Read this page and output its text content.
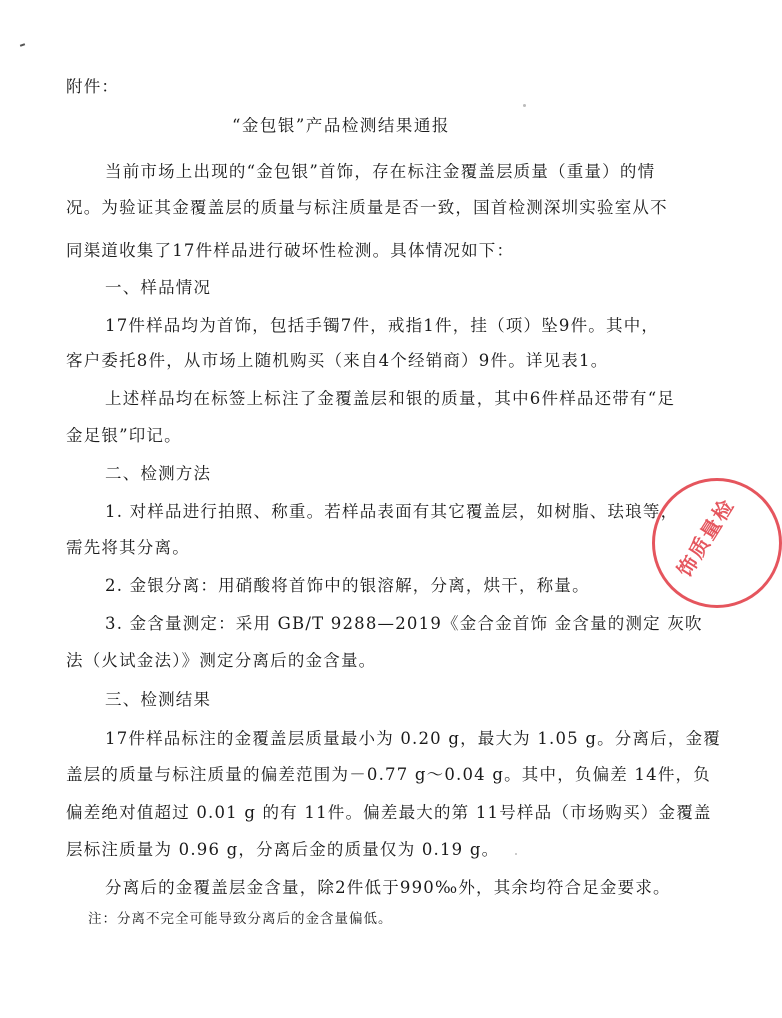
附件：
“金包银”产品检测结果通报
当前市场上出现的“金包银”首饰，存在标注金覆盖层质量（重量）的情
况。为验证其金覆盖层的质量与标注质量是否一致，国首检测深圳实验室从不
同渠道收集了17件样品进行破坏性检测。具体情况如下：
一、样品情况
17件样品均为首饰，包括手镯7件，戒指1件，挂（项）坠9件。其中，
客户委托8件，从市场上随机购买（来自4个经销商）9件。详见表1。
上述样品均在标签上标注了金覆盖层和银的质量，其中6件样品还带有“足
金足银”印记。
二、检测方法
1. 对样品进行拍照、称重。若样品表面有其它覆盖层，如树脂、珐琅等，
需先将其分离。
2. 金银分离：用硝酸将首饰中的银溶解，分离，烘干，称量。
3. 金含量测定：采用 GB/T 9288—2019《金合金首饰 金含量的测定 灰吹
法（火试金法）》测定分离后的金含量。
三、检测结果
17件样品标注的金覆盖层质量最小为 0.20 g，最大为 1.05 g。分离后，金覆
盖层的质量与标注质量的偏差范围为－0.77 g～0.04 g。其中，负偏差 14件，负
偏差绝对值超过 0.01 g 的有 11件。偏差最大的第 11号样品（市场购买）金覆盖
层标注质量为 0.96 g，分离后金的质量仅为 0.19 g。
分离后的金覆盖层金含量，除2件低于990‰外，其余均符合足金要求。
注：分离不完全可能导致分离后的金含量偏低。
饰质量检
